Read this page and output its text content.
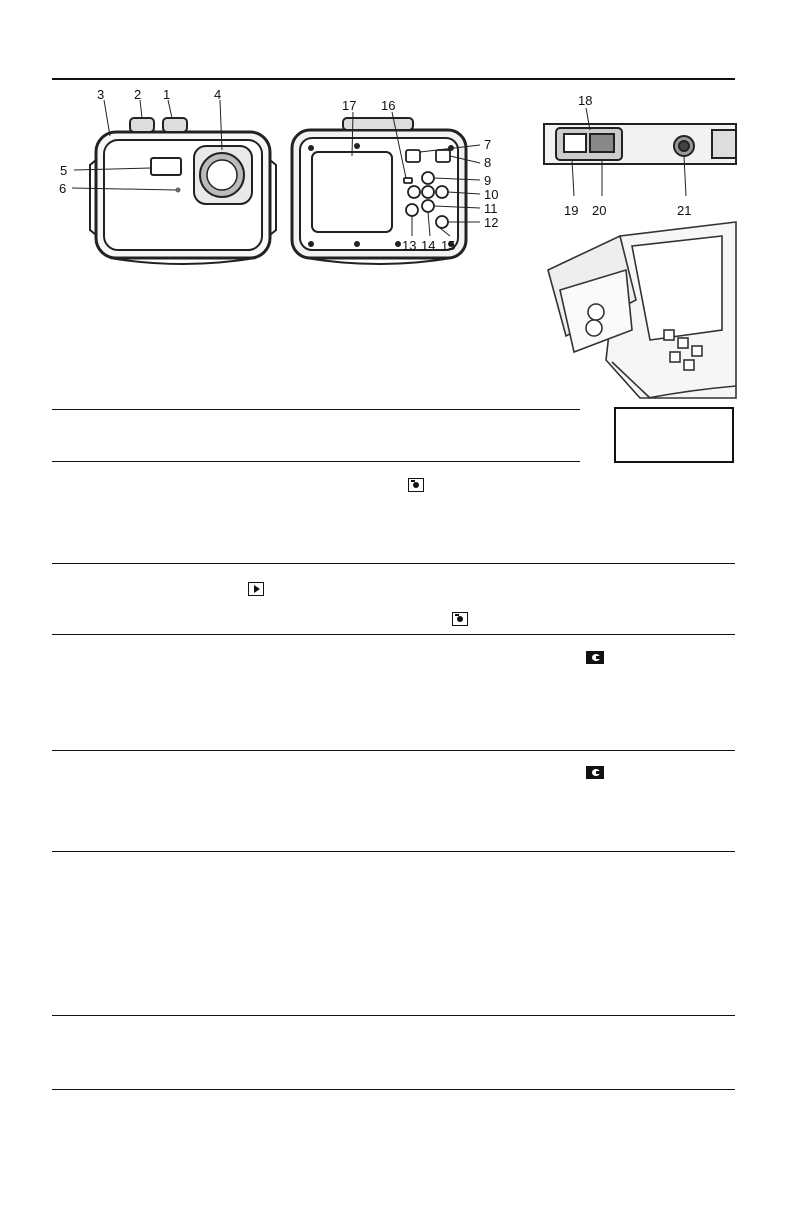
1
2
3	4
5
6
17 16
7
8
9
10
11
12
13 14 15
18
19 20	21
